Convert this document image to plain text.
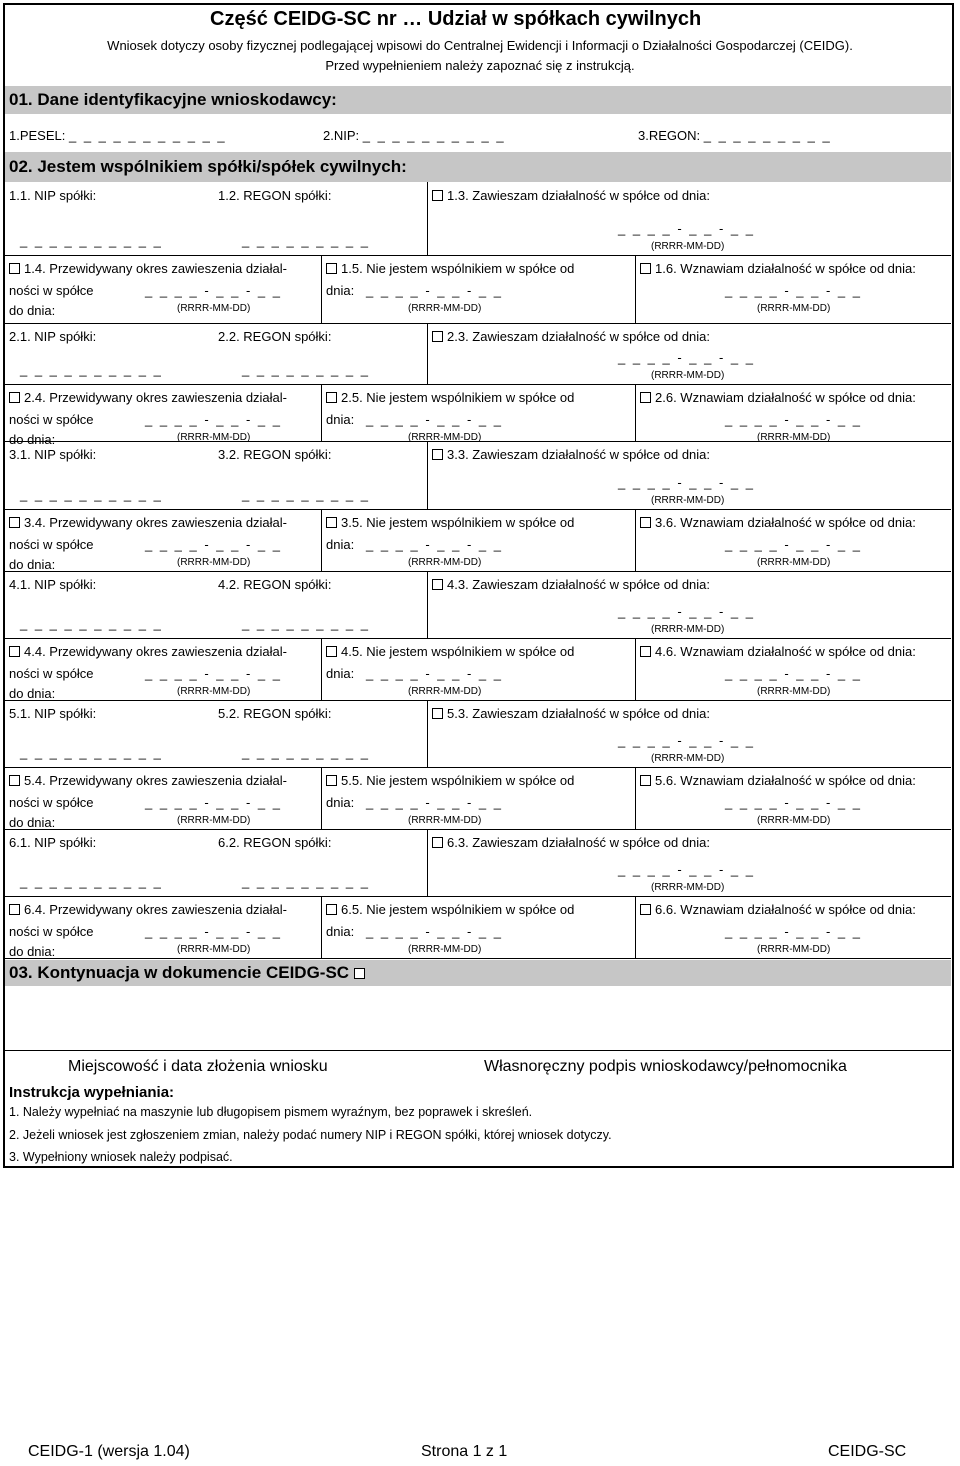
Część CEIDG-SC nr … Udział w spółkach cywilnych
Wniosek dotyczy osoby fizycznej podlegającej wpisowi do Centralnej Ewidencji i Informacji o Działalności Gospodarczej (CEIDG).
Przed wypełnieniem należy zapoznać się z instrukcją.
01. Dane identyfikacyjne wnioskodawcy:
1.PESEL: _ _ _ _ _ _ _ _ _ _ _	2.NIP: _ _ _ _ _ _ _ _ _ _	3.REGON: _ _ _ _ _ _ _ _ _
02. Jestem wspólnikiem spółki/spółek cywilnych:
1.1. NIP spółki:	1.2. REGON spółki:	1.3. Zawieszam działalność w spółce od dnia:
_ _ _ _ _ _ _ _ _ _	_ _ _ _ _ _ _ _ _
_ _ _ _ - _ _ - _ _
(RRRR-MM-DD)
1.4. Przewidywany okres zawieszenia działal-	1.5. Nie jestem wspólnikiem w spółce od	1.6. Wznawiam działalność w spółce od dnia:
ności w spółce
do dnia:
dnia:
_ _ _ _ - _ _ - _ _	_ _ _ _ - _ _ - _ _	_ _ _ _ - _ _ - _ _
(RRRR-MM-DD)	(RRRR-MM-DD)	(RRRR-MM-DD)
2.1. NIP spółki:	2.2. REGON spółki:	2.3. Zawieszam działalność w spółce od dnia:
_ _ _ _ _ _ _ _ _ _	_ _ _ _ _ _ _ _ _
_ _ _ _ - _ _ - _ _
(RRRR-MM-DD)
2.4. Przewidywany okres zawieszenia działal-	2.5. Nie jestem wspólnikiem w spółce od	2.6. Wznawiam działalność w spółce od dnia:
ności w spółce
do dnia:
dnia:
_ _ _ _ - _ _ - _ _	_ _ _ _ - _ _ - _ _	_ _ _ _ - _ _ - _ _
(RRRR-MM-DD)	(RRRR-MM-DD)	(RRRR-MM-DD)
3.1. NIP spółki:	3.2. REGON spółki:	3.3. Zawieszam działalność w spółce od dnia:
_ _ _ _ _ _ _ _ _ _	_ _ _ _ _ _ _ _ _
_ _ _ _ - _ _ - _ _
(RRRR-MM-DD)
3.4. Przewidywany okres zawieszenia działal-	3.5. Nie jestem wspólnikiem w spółce od	3.6. Wznawiam działalność w spółce od dnia:
ności w spółce
do dnia:
dnia:
_ _ _ _ - _ _ - _ _	_ _ _ _ - _ _ - _ _	_ _ _ _ - _ _ - _ _
(RRRR-MM-DD)	(RRRR-MM-DD)	(RRRR-MM-DD)
4.1. NIP spółki:	4.2. REGON spółki:	4.3. Zawieszam działalność w spółce od dnia:
_ _ _ _ _ _ _ _ _ _	_ _ _ _ _ _ _ _ _
_ _ _ _ - _ _ - _ _
(RRRR-MM-DD)
4.4. Przewidywany okres zawieszenia działal-	4.5. Nie jestem wspólnikiem w spółce od	4.6. Wznawiam działalność w spółce od dnia:
ności w spółce
do dnia:
dnia:
_ _ _ _ - _ _ - _ _	_ _ _ _ - _ _ - _ _	_ _ _ _ - _ _ - _ _
(RRRR-MM-DD)	(RRRR-MM-DD)	(RRRR-MM-DD)
5.1. NIP spółki:	5.2. REGON spółki:	5.3. Zawieszam działalność w spółce od dnia:
_ _ _ _ _ _ _ _ _ _	_ _ _ _ _ _ _ _ _
_ _ _ _ - _ _ - _ _
(RRRR-MM-DD)
5.4. Przewidywany okres zawieszenia działal-	5.5. Nie jestem wspólnikiem w spółce od	5.6. Wznawiam działalność w spółce od dnia:
ności w spółce
do dnia:
dnia:
_ _ _ _ - _ _ - _ _	_ _ _ _ - _ _ - _ _	_ _ _ _ - _ _ - _ _
(RRRR-MM-DD)	(RRRR-MM-DD)	(RRRR-MM-DD)
6.1. NIP spółki:	6.2. REGON spółki:	6.3. Zawieszam działalność w spółce od dnia:
_ _ _ _ _ _ _ _ _ _	_ _ _ _ _ _ _ _ _
_ _ _ _ - _ _ - _ _
(RRRR-MM-DD)
6.4. Przewidywany okres zawieszenia działal-	6.5. Nie jestem wspólnikiem w spółce od	6.6. Wznawiam działalność w spółce od dnia:
ności w spółce
do dnia:
dnia:
_ _ _ _ - _ _ - _ _	_ _ _ _ - _ _ - _ _	_ _ _ _ - _ _ - _ _
(RRRR-MM-DD)	(RRRR-MM-DD)	(RRRR-MM-DD)
03. Kontynuacja w dokumencie CEIDG-SC
Miejscowość i data złożenia wniosku	Własnoręczny podpis wnioskodawcy/pełnomocnika
Instrukcja wypełniania:
1. Należy wypełniać na maszynie lub długopisem pismem wyraźnym, bez poprawek i skreśleń.
2. Jeżeli wniosek jest zgłoszeniem zmian, należy podać numery NIP i REGON spółki, której wniosek dotyczy.
3. Wypełniony wniosek należy podpisać.
CEIDG-1 (wersja 1.04)	Strona 1 z 1	CEIDG-SC
